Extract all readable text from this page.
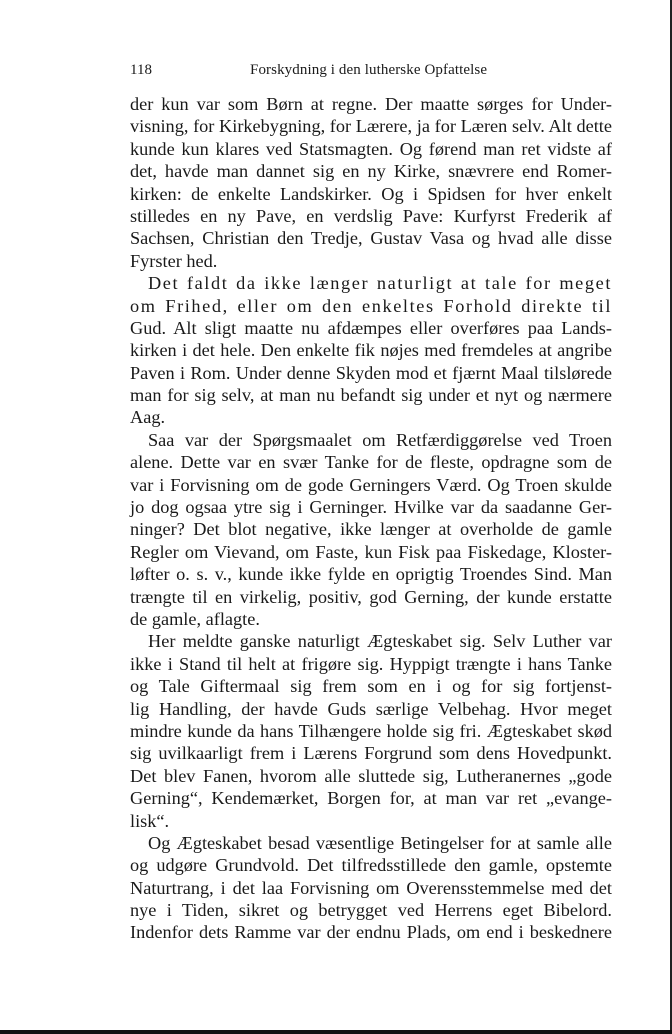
118	Forskydning i den lutherske Opfattelse
der kun var som Børn at regne. Der maatte sørges for Under-
visning, for Kirkebygning, for Lærere, ja for Læren selv. Alt dette
kunde kun klares ved Statsmagten. Og førend man ret vidste af
det, havde man dannet sig en ny Kirke, snævrere end Romer-
kirken: de enkelte Landskirker. Og i Spidsen for hver enkelt
stilledes en ny Pave, en verdslig Pave: Kurfyrst Frederik af
Sachsen, Christian den Tredje, Gustav Vasa og hvad alle disse
Fyrster hed.
Det faldt da ikke længer naturligt at tale for meget
om Frihed, eller om den enkeltes Forhold direkte til
Gud. Alt sligt maatte nu afdæmpes eller overføres paa Lands-
kirken i det hele. Den enkelte fik nøjes med fremdeles at angribe
Paven i Rom. Under denne Skyden mod et fjærnt Maal tilslørede
man for sig selv, at man nu befandt sig under et nyt og nærmere
Aag.
Saa var der Spørgsmaalet om Retfærdiggørelse ved Troen
alene. Dette var en svær Tanke for de fleste, opdragne som de
var i Forvisning om de gode Gerningers Værd. Og Troen skulde
jo dog ogsaa ytre sig i Gerninger. Hvilke var da saadanne Ger-
ninger? Det blot negative, ikke længer at overholde de gamle
Regler om Vievand, om Faste, kun Fisk paa Fiskedage, Kloster-
løfter o. s. v., kunde ikke fylde en oprigtig Troendes Sind. Man
trængte til en virkelig, positiv, god Gerning, der kunde erstatte
de gamle, aflagte.
Her meldte ganske naturligt Ægteskabet sig. Selv Luther var
ikke i Stand til helt at frigøre sig. Hyppigt trængte i hans Tanke
og Tale Giftermaal sig frem som en i og for sig fortjenst-
lig Handling, der havde Guds særlige Velbehag. Hvor meget
mindre kunde da hans Tilhængere holde sig fri. Ægteskabet skød
sig uvilkaarligt frem i Lærens Forgrund som dens Hovedpunkt.
Det blev Fanen, hvorom alle sluttede sig, Lutheranernes „gode
Gerning“, Kendemærket, Borgen for, at man var ret „evange-
lisk“.
Og Ægteskabet besad væsentlige Betingelser for at samle alle
og udgøre Grundvold. Det tilfredsstillede den gamle, opstemte
Naturtrang, i det laa Forvisning om Overensstemmelse med det
nye i Tiden, sikret og betrygget ved Herrens eget Bibelord.
Indenfor dets Ramme var der endnu Plads, om end i beskednere
